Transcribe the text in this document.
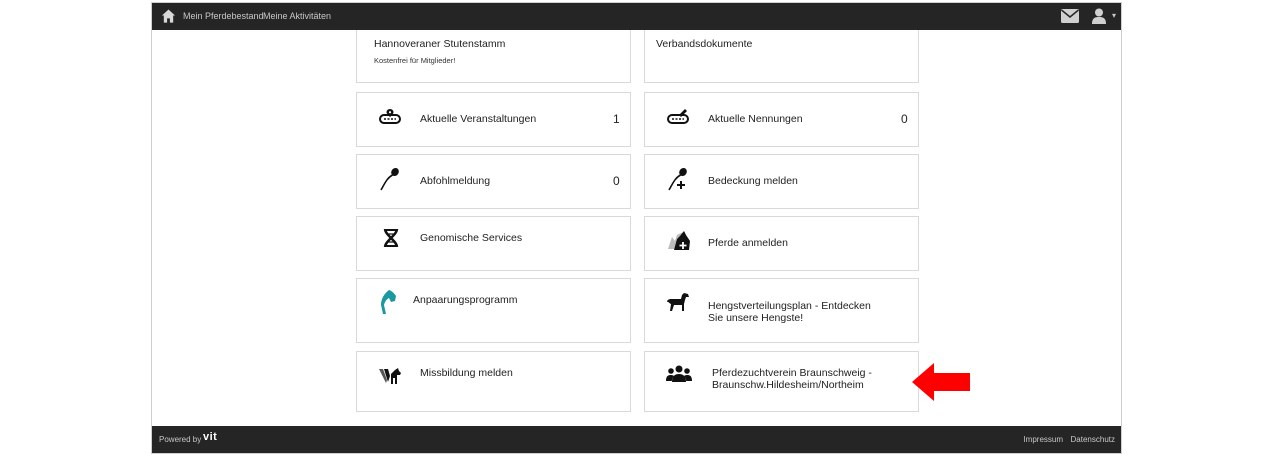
Mein Pferdebestand Meine Aktivitäten	▾
Hannoveraner Stutenstamm
Kostenfrei für Mitglieder!
Verbandsdokumente
Aktuelle Veranstaltungen	1	Aktuelle Nennungen	0
Abfohlmeldung	0	Bedeckung melden
Genomische Services	Pferde anmelden
Anpaarungsprogramm	Hengstverteilungsplan - Entdecken
Sie unsere Hengste!
Missbildung melden	Pferdezuchtverein Braunschweig -
Braunschw.Hildesheim/Northeim
Powered by vit	Impressum Datenschutz
